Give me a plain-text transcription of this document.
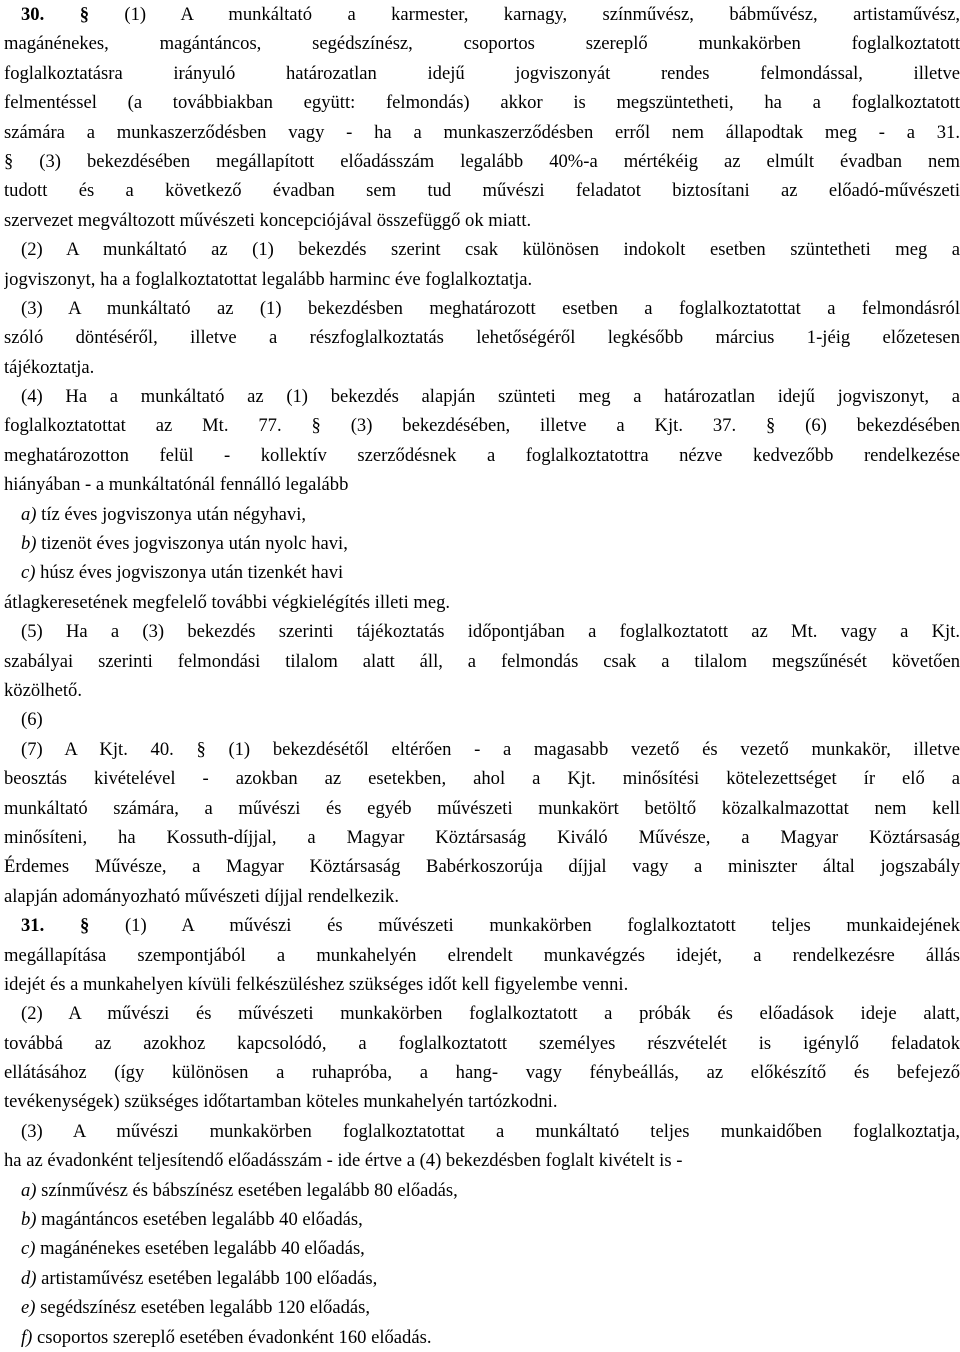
30. § (1) A munkáltató a karmester, karnagy, színművész, bábművész, artistaművész,
magánénekes, magántáncos, segédszínész, csoportos szereplő munkakörben foglalkoztatott
foglalkoztatásra irányuló határozatlan idejű jogviszonyát rendes felmondással, illetve
felmentéssel (a továbbiakban együtt: felmondás) akkor is megszüntetheti, ha a foglalkoztatott
számára a munkaszerződésben vagy - ha a munkaszerződésben erről nem állapodtak meg - a 31.
§ (3) bekezdésében megállapított előadásszám legalább 40%-a mértékéig az elmúlt évadban nem
tudott és a következő évadban sem tud művészi feladatot biztosítani az előadó-művészeti
szervezet megváltozott művészeti koncepciójával összefüggő ok miatt.
(2) A munkáltató az (1) bekezdés szerint csak különösen indokolt esetben szüntetheti meg a
jogviszonyt, ha a foglalkoztatottat legalább harminc éve foglalkoztatja.
(3) A munkáltató az (1) bekezdésben meghatározott esetben a foglalkoztatottat a felmondásról
szóló döntéséről, illetve a részfoglalkoztatás lehetőségéről legkésőbb március 1-jéig előzetesen
tájékoztatja.
(4) Ha a munkáltató az (1) bekezdés alapján szünteti meg a határozatlan idejű jogviszonyt, a
foglalkoztatottat az Mt. 77. § (3) bekezdésében, illetve a Kjt. 37. § (6) bekezdésében
meghatározotton felül - kollektív szerződésnek a foglalkoztatottra nézve kedvezőbb rendelkezése
hiányában - a munkáltatónál fennálló legalább
a) tíz éves jogviszonya után négyhavi,
b) tizenöt éves jogviszonya után nyolc havi,
c) húsz éves jogviszonya után tizenkét havi
átlagkeresetének megfelelő további végkielégítés illeti meg.
(5) Ha a (3) bekezdés szerinti tájékoztatás időpontjában a foglalkoztatott az Mt. vagy a Kjt.
szabályai szerinti felmondási tilalom alatt áll, a felmondás csak a tilalom megszűnését követően
közölhető.
(6)
(7) A Kjt. 40. § (1) bekezdésétől eltérően - a magasabb vezető és vezető munkakör, illetve
beosztás kivételével - azokban az esetekben, ahol a Kjt. minősítési kötelezettséget ír elő a
munkáltató számára, a művészi és egyéb művészeti munkakört betöltő közalkalmazottat nem kell
minősíteni, ha Kossuth-díjjal, a Magyar Köztársaság Kiváló Művésze, a Magyar Köztársaság
Érdemes Művésze, a Magyar Köztársaság Babérkoszorúja díjjal vagy a miniszter által jogszabály
alapján adományozható művészeti díjjal rendelkezik.
31. § (1) A művészi és művészeti munkakörben foglalkoztatott teljes munkaidejének
megállapítása szempontjából a munkahelyén elrendelt munkavégzés idejét, a rendelkezésre állás
idejét és a munkahelyen kívüli felkészüléshez szükséges időt kell figyelembe venni.
(2) A művészi és művészeti munkakörben foglalkoztatott a próbák és előadások ideje alatt,
továbbá az azokhoz kapcsolódó, a foglalkoztatott személyes részvételét is igénylő feladatok
ellátásához (így különösen a ruhapróba, a hang- vagy fénybeállás, az előkészítő és befejező
tevékenységek) szükséges időtartamban köteles munkahelyén tartózkodni.
(3) A művészi munkakörben foglalkoztatottat a munkáltató teljes munkaidőben foglalkoztatja,
ha az évadonként teljesítendő előadásszám - ide értve a (4) bekezdésben foglalt kivételt is -
a) színművész és bábszínész esetében legalább 80 előadás,
b) magántáncos esetében legalább 40 előadás,
c) magánénekes esetében legalább 40 előadás,
d) artistaművész esetében legalább 100 előadás,
e) segédszínész esetében legalább 120 előadás,
f) csoportos szereplő esetében évadonként 160 előadás.
